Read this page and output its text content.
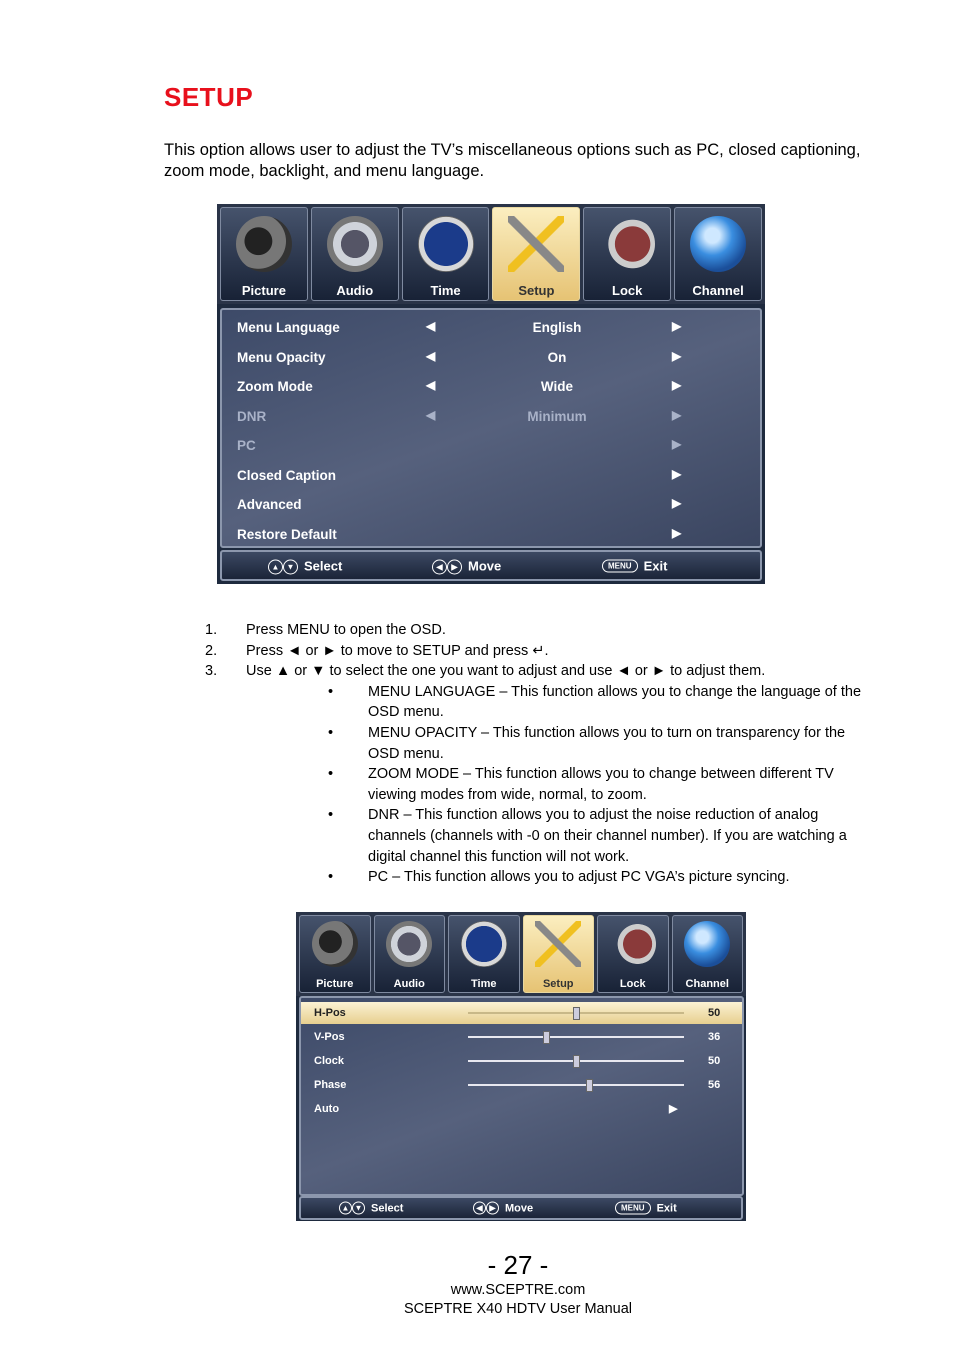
SETUP
This option allows user to adjust the TV’s miscellaneous options such as PC, closed captioning, zoom mode, backlight, and menu language.
Picture	Audio	Time	Setup	Lock	Channel
Menu Language	◀	English	▶
Menu Opacity	◀	On	▶
Zoom Mode	◀	Wide	▶
DNR	◀	Minimum	▶
PC	▶
Closed Caption	▶
Advanced	▶
Restore Default	▶
▲ ▼ Select	◀ ▶ Move	MENU Exit
1. Press MENU to open the OSD.
2. Press ◄ or ► to move to SETUP and press ↵.
3. Use ▲ or ▼ to select the one you want to adjust and use ◄ or ► to adjust them.
• MENU LANGUAGE – This function allows you to change the language of the OSD menu.
• MENU OPACITY – This function allows you to turn on transparency for the OSD menu.
• ZOOM MODE – This function allows you to change between different TV viewing modes from wide, normal, to zoom.
• DNR – This function allows you to adjust the noise reduction of analog channels (channels with -0 on their channel number). If you are watching a digital channel this function will not work.
• PC – This function allows you to adjust PC VGA’s picture syncing.
Picture	Audio	Time	Setup	Lock	Channel
H-Pos	50
V-Pos	36
Clock	50
Phase	56
Auto	▶
▲ ▼ Select	◀ ▶ Move	MENU	Exit
- 27 -
www.SCEPTRE.com
SCEPTRE X40 HDTV User Manual
